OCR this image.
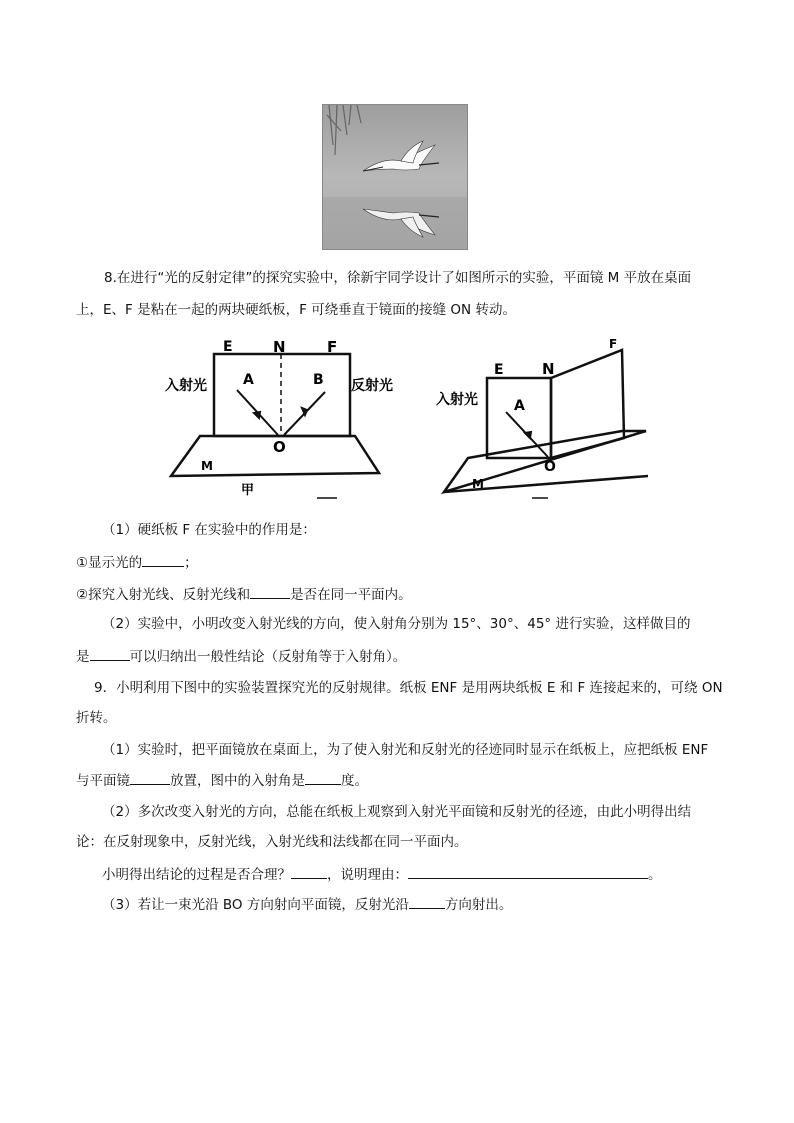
8.在进行“光的反射定律”的探究实验中，徐新宇同学设计了如图所示的实验，平面镜 M 平放在桌面
上，E、F 是粘在一起的两块硬纸板，F 可绕垂直于镜面的接缝 ON 转动。
E	N	F
入射光	反射光
A	B
O
M
甲
E	N
F
入射光	A
O
M
（1）硬纸板 F 在实验中的作用是：
①显示光的	；
②探究入射光线、反射光线和	是否在同一平面内。
（2）实验中，小明改变入射光线的方向，使入射角分别为 15°、30°、45° 进行实验，这样做目的
是	可以归纳出一般性结论（反射角等于入射角）。
9．小明利用下图中的实验装置探究光的反射规律。纸板 ENF 是用两块纸板 E 和 F 连接起来的，可绕 ON
折转。
（1）实验时，把平面镜放在桌面上，为了使入射光和反射光的径迹同时显示在纸板上，应把纸板 ENF
与平面镜	放置，图中的入射角是	度。
（2）多次改变入射光的方向，总能在纸板上观察到入射光平面镜和反射光的径迹，由此小明得出结
论：在反射现象中，反射光线，入射光线和法线都在同一平面内。
小明得出结论的过程是否合理？	，说明理由：	。
（3）若让一束光沿 BO 方向射向平面镜，反射光沿	方向射出。
